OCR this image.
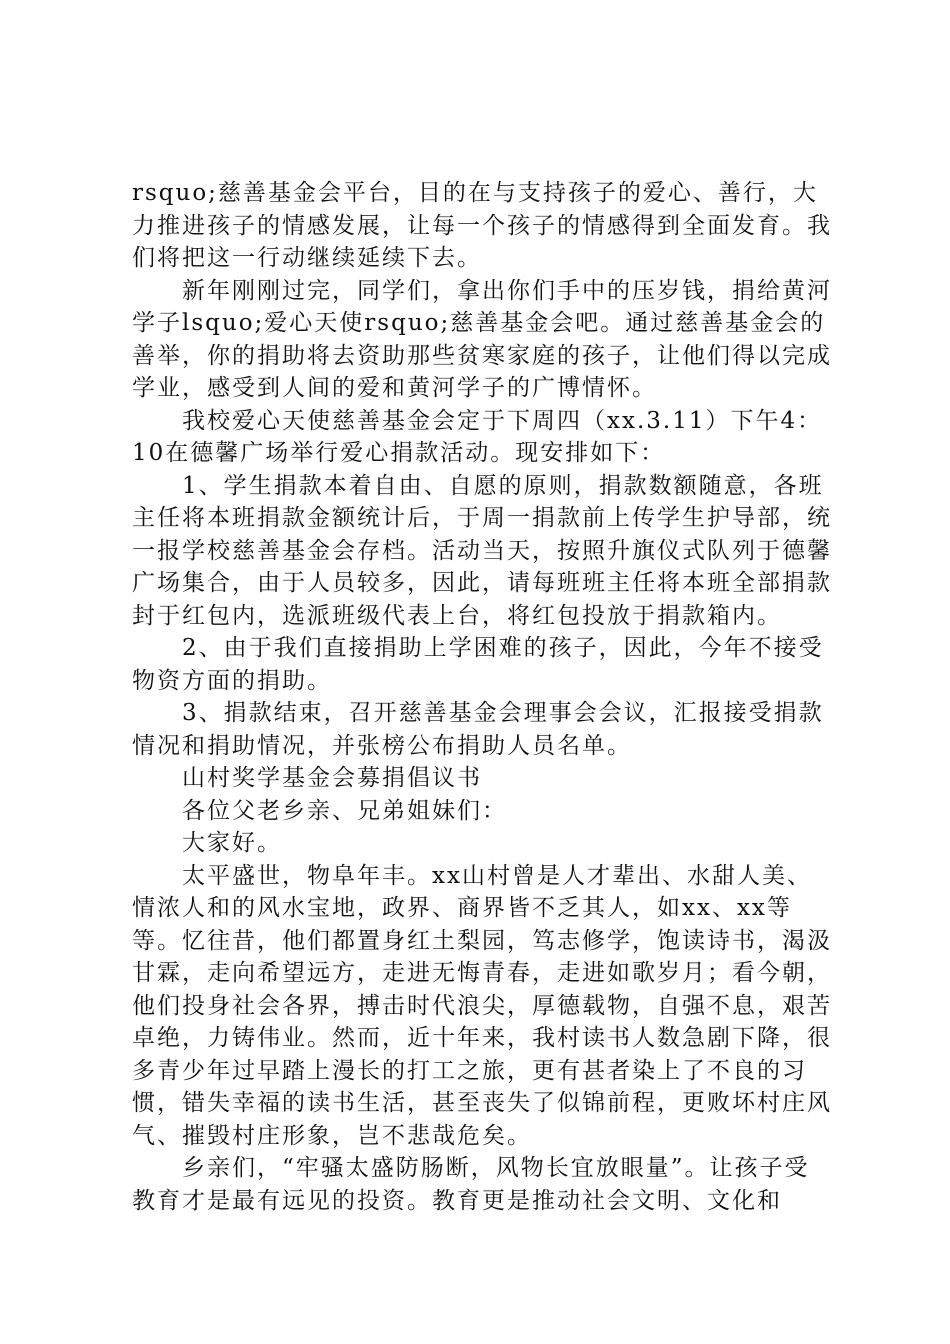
rsquo;慈善基金会平台，目的在与支持孩子的爱心、善行，大力推进孩子的情感发展，让每一个孩子的情感得到全面发育。我们将把这一行动继续延续下去。

　　新年刚刚过完，同学们，拿出你们手中的压岁钱，捐给黄河学子lsquo;爱心天使rsquo;慈善基金会吧。通过慈善基金会的善举，你的捐助将去资助那些贫寒家庭的孩子，让他们得以完成学业，感受到人间的爱和黄河学子的广博情怀。

　　我校爱心天使慈善基金会定于下周四（xx.3.11）下午4：10在德馨广场举行爱心捐款活动。现安排如下：

　　1、学生捐款本着自由、自愿的原则，捐款数额随意，各班主任将本班捐款金额统计后，于周一捐款前上传学生护导部，统一报学校慈善基金会存档。活动当天，按照升旗仪式队列于德馨广场集合，由于人员较多，因此，请每班班主任将本班全部捐款封于红包内，选派班级代表上台，将红包投放于捐款箱内。

　　2、由于我们直接捐助上学困难的孩子，因此，今年不接受物资方面的捐助。

　　3、捐款结束，召开慈善基金会理事会会议，汇报接受捐款情况和捐助情况，并张榜公布捐助人员名单。

　　山村奖学基金会募捐倡议书

　　各位父老乡亲、兄弟姐妹们：

　　大家好。

　　太平盛世，物阜年丰。xx山村曾是人才辈出、水甜人美、情浓人和的风水宝地，政界、商界皆不乏其人，如xx、xx等等。忆往昔，他们都置身红土梨园，笃志修学，饱读诗书，渴汲甘霖，走向希望远方，走进无悔青春，走进如歌岁月；看今朝，他们投身社会各界，搏击时代浪尖，厚德载物，自强不息，艰苦卓绝，力铸伟业。然而，近十年来，我村读书人数急剧下降，很多青少年过早踏上漫长的打工之旅，更有甚者染上了不良的习惯，错失幸福的读书生活，甚至丧失了似锦前程，更败坏村庄风气、摧毁村庄形象，岂不悲哉危矣。

　　乡亲们，“牢骚太盛防肠断，风物长宜放眼量”。让孩子受教育才是最有远见的投资。教育更是推动社会文明、文化和
